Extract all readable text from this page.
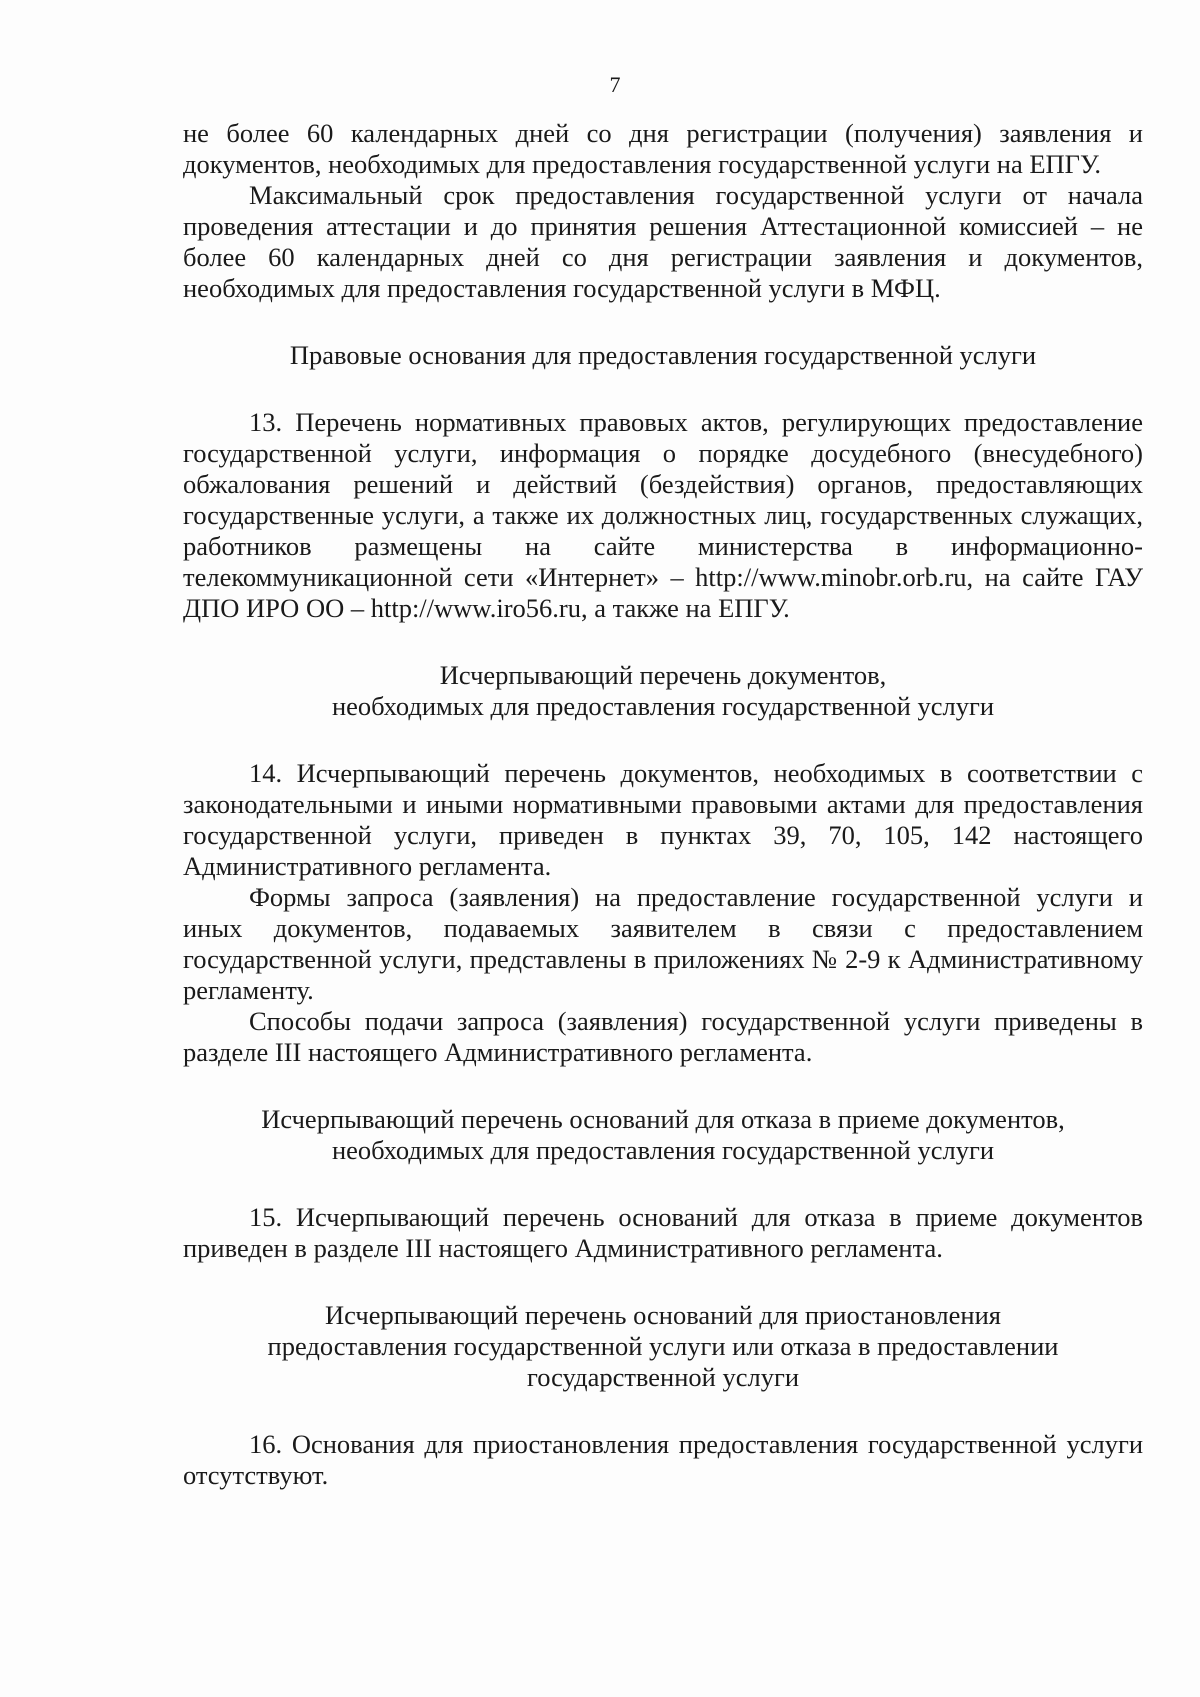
7

не более 60 календарных дней со дня регистрации (получения) заявления и документов, необходимых для предоставления государственной услуги на ЕПГУ.

Максимальный срок предоставления государственной услуги от начала проведения аттестации и до принятия решения Аттестационной комиссией – не более 60 календарных дней со дня регистрации заявления и документов, необходимых для предоставления государственной услуги в МФЦ.

Правовые основания для предоставления государственной услуги

13. Перечень нормативных правовых актов, регулирующих предоставление государственной услуги, информация о порядке досудебного (внесудебного) обжалования решений и действий (бездействия) органов, предоставляющих государственные услуги, а также их должностных лиц, государственных служащих, работников размещены на сайте министерства в информационно-телекоммуникационной сети «Интернет» – http://www.minobr.orb.ru, на сайте ГАУ ДПО ИРО ОО – http://www.iro56.ru, а также на ЕПГУ.

Исчерпывающий перечень документов,

необходимых для предоставления государственной услуги

14. Исчерпывающий перечень документов, необходимых в соответствии с законодательными и иными нормативными правовыми актами для предоставления государственной услуги, приведен в пунктах 39, 70, 105, 142 настоящего Административного регламента.

Формы запроса (заявления) на предоставление государственной услуги и иных документов, подаваемых заявителем в связи с предоставлением государственной услуги, представлены в приложениях № 2-9 к Административному регламенту.

Способы подачи запроса (заявления) государственной услуги приведены в разделе III настоящего Административного регламента.

Исчерпывающий перечень оснований для отказа в приеме документов,

необходимых для предоставления государственной услуги

15. Исчерпывающий перечень оснований для отказа в приеме документов приведен в разделе III настоящего Административного регламента.

Исчерпывающий перечень оснований для приостановления

предоставления государственной услуги или отказа в предоставлении

государственной услуги

16. Основания для приостановления предоставления государственной услуги отсутствуют.
